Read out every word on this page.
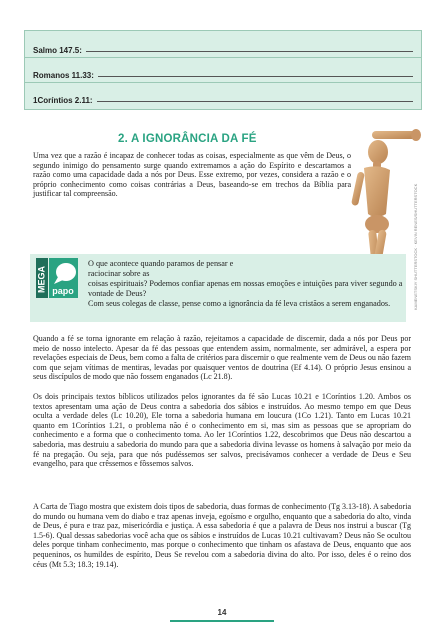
Salmo 147.5:
Romanos 11.33:
1Coríntios 2.11:
2. A IGNORÂNCIA DA FÉ

Uma vez que a razão é incapaz de conhecer todas as coisas, especialmente as que vêm de Deus, o segundo inimigo do pensamento surge quando extremamos a ação do Espírito e descartamos a razão como uma capacidade dada a nós por Deus. Esse extremo, por vezes, considera a razão e o próprio conhecimento como coisas contrárias a Deus, baseando-se em trechos da Bíblia para justificar tal compreensão.	KAMENETSKIY SHUTTERSTOCK · KEVIN RENES/SHUTTERSTOCK
MEGA papo

O que acontece quando paramos de pensar e raciocinar sobre as

coisas espirituais? Podemos confiar apenas em nossas emoções e intuições para viver segundo a vontade de Deus?
Com seus colegas de classe, pense como a ignorância da fé leva cristãos a serem enganados.

Quando a fé se torna ignorante em relação à razão, rejeitamos a capacidade de discernir, dada a nós por Deus por meio de nosso intelecto. Apesar da fé das pessoas que entendem assim, normalmente, ser admirável, a espera por revelações especiais de Deus, bem como a falta de critérios para discernir o que realmente vem de Deus ou não fazem com que sejam vítimas de mentiras, levadas por quaisquer ventos de doutrina (Ef 4.14). O próprio Jesus ensinou a seus discípulos de modo que não fossem enganados (Lc 21.8).

Os dois principais textos bíblicos utilizados pelos ignorantes da fé são Lucas 10.21 e 1Coríntios 1.20. Ambos os textos apresentam uma ação de Deus contra a sabedoria dos sábios e instruídos. Ao mesmo tempo em que Deus oculta a verdade deles (Lc 10.20), Ele torna a sabedoria humana em loucura (1Co 1.21). Tanto em Lucas 10.21 quanto em 1Coríntios 1.21, o problema não é o conhecimento em si, mas sim as pessoas que se apropriam do conhecimento e a forma que o conhecimento toma. Ao ler 1Coríntios 1.22, descobrimos que Deus não descartou a sabedoria, mas destruiu a sabedoria do mundo para que a sabedoria divina levasse os homens à salvação por meio da fé na pregação. Ou seja, para que nós pudéssemos ser salvos, precisávamos conhecer a verdade de Deus e Seu evangelho, para que crêssemos e fôssemos salvos.

A Carta de Tiago mostra que existem dois tipos de sabedoria, duas formas de conhecimento (Tg 3.13-18). A sabedoria do mundo ou humana vem do diabo e traz apenas inveja, egoísmo e orgulho, enquanto que a sabedoria do alto, vinda de Deus, é pura e traz paz, misericórdia e justiça. A essa sabedoria é que a palavra de Deus nos instrui a buscar (Tg 1.5-6). Qual dessas sabedorias você acha que os sábios e instruídos de Lucas 10.21 cultivavam? Deus não Se ocultou deles porque tinham conhecimento, mas porque o conhecimento que tinham os afastava de Deus, enquanto que aos pequeninos, os humildes de espírito, Deus Se revelou com a sabedoria divina do alto. Por isso, deles é o reino dos céus (Mt 5.3; 18.3; 19.14).

14
